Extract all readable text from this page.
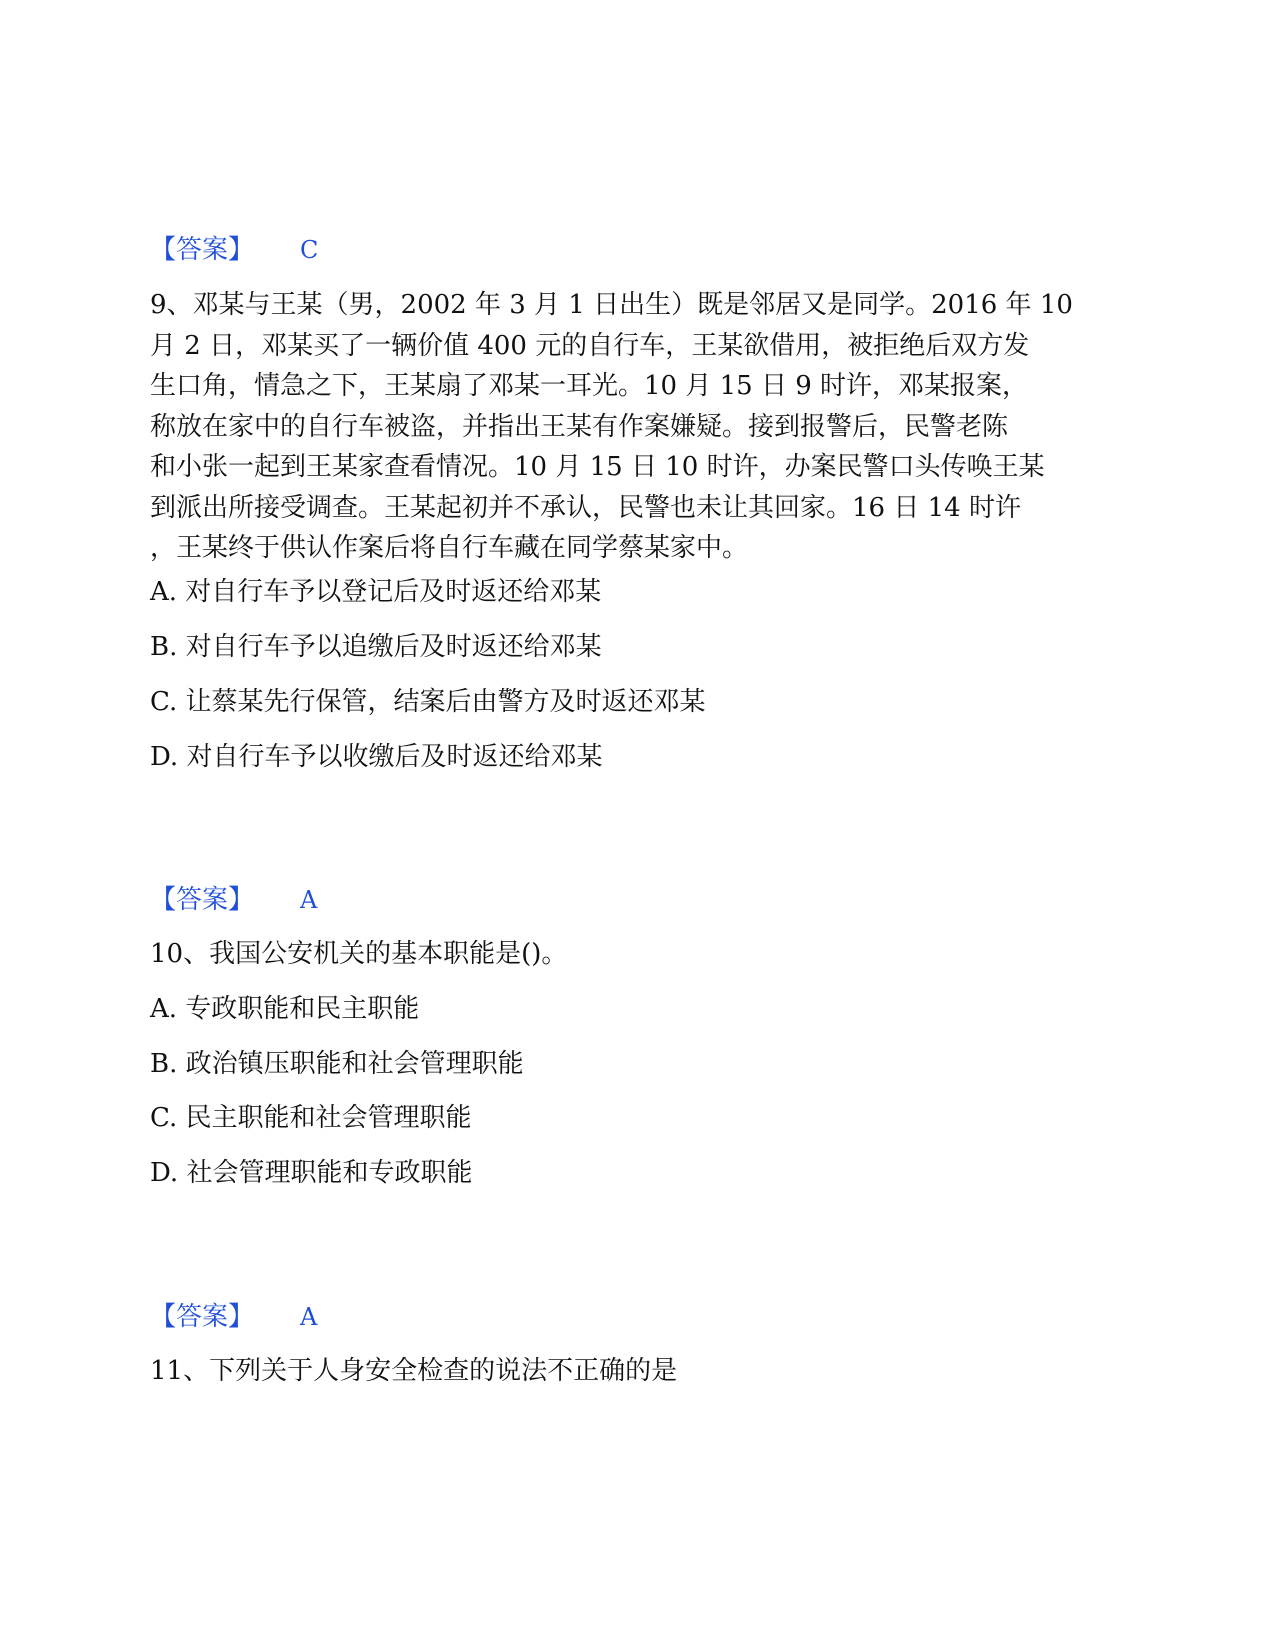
【答案】 C
9、邓某与王某（男，2002 年 3 月 1 日出生）既是邻居又是同学。2016 年 10
月 2 日，邓某买了一辆价值 400 元的自行车，王某欲借用，被拒绝后双方发
生口角，情急之下，王某扇了邓某一耳光。10 月 15 日 9 时许，邓某报案，
称放在家中的自行车被盗，并指出王某有作案嫌疑。接到报警后，民警老陈
和小张一起到王某家查看情况。10 月 15 日 10 时许，办案民警口头传唤王某
到派出所接受调查。王某起初并不承认，民警也未让其回家。16 日 14 时许
，王某终于供认作案后将自行车藏在同学蔡某家中。
A. 对自行车予以登记后及时返还给邓某
B. 对自行车予以追缴后及时返还给邓某
C. 让蔡某先行保管，结案后由警方及时返还邓某
D. 对自行车予以收缴后及时返还给邓某
【答案】 A
10、我国公安机关的基本职能是()。
A. 专政职能和民主职能
B. 政治镇压职能和社会管理职能
C. 民主职能和社会管理职能
D. 社会管理职能和专政职能
【答案】 A
11、下列关于人身安全检查的说法不正确的是
